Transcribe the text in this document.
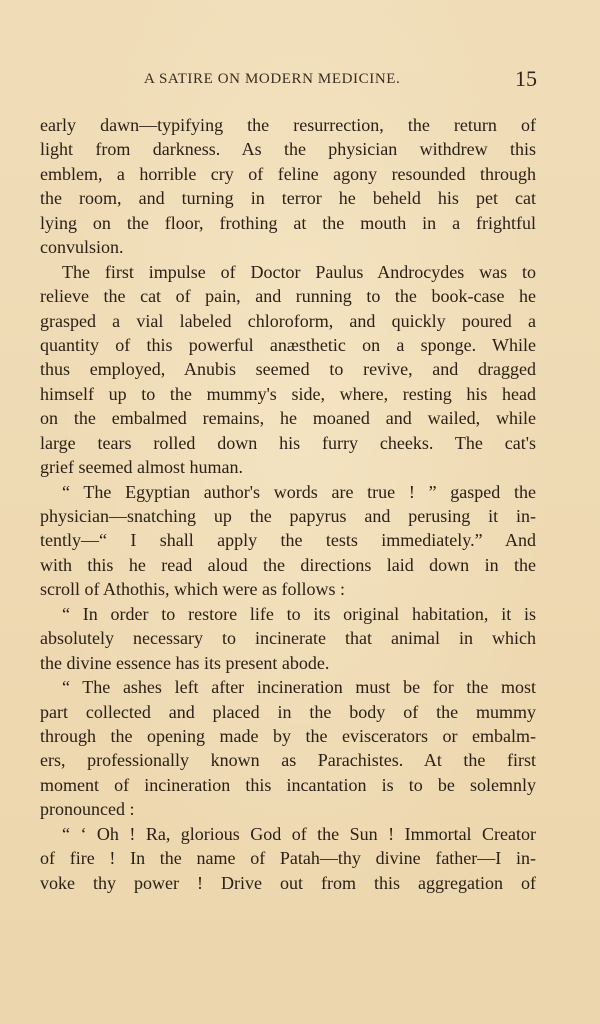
A SATIRE ON MODERN MEDICINE.	15
early dawn—typifying the resurrection, the return of
light from darkness. As the physician withdrew this
emblem, a horrible cry of feline agony resounded through
the room, and turning in terror he beheld his pet cat
lying on the floor, frothing at the mouth in a frightful
convulsion.
The first impulse of Doctor Paulus Androcydes was to
relieve the cat of pain, and running to the book-case he
grasped a vial labeled chloroform, and quickly poured a
quantity of this powerful anæsthetic on a sponge. While
thus employed, Anubis seemed to revive, and dragged
himself up to the mummy's side, where, resting his head
on the embalmed remains, he moaned and wailed, while
large tears rolled down his furry cheeks. The cat's
grief seemed almost human.
“ The Egyptian author's words are true ! ” gasped the
physician—snatching up the papyrus and perusing it in-
tently—“ I shall apply the tests immediately.” And
with this he read aloud the directions laid down in the
scroll of Athothis, which were as follows :
“ In order to restore life to its original habitation, it is
absolutely necessary to incinerate that animal in which
the divine essence has its present abode.
“ The ashes left after incineration must be for the most
part collected and placed in the body of the mummy
through the opening made by the eviscerators or embalm-
ers, professionally known as Parachistes. At the first
moment of incineration this incantation is to be solemnly
pronounced :
“ ‘ Oh ! Ra, glorious God of the Sun ! Immortal Creator
of fire ! In the name of Patah—thy divine father—I in-
voke thy power ! Drive out from this aggregation of
